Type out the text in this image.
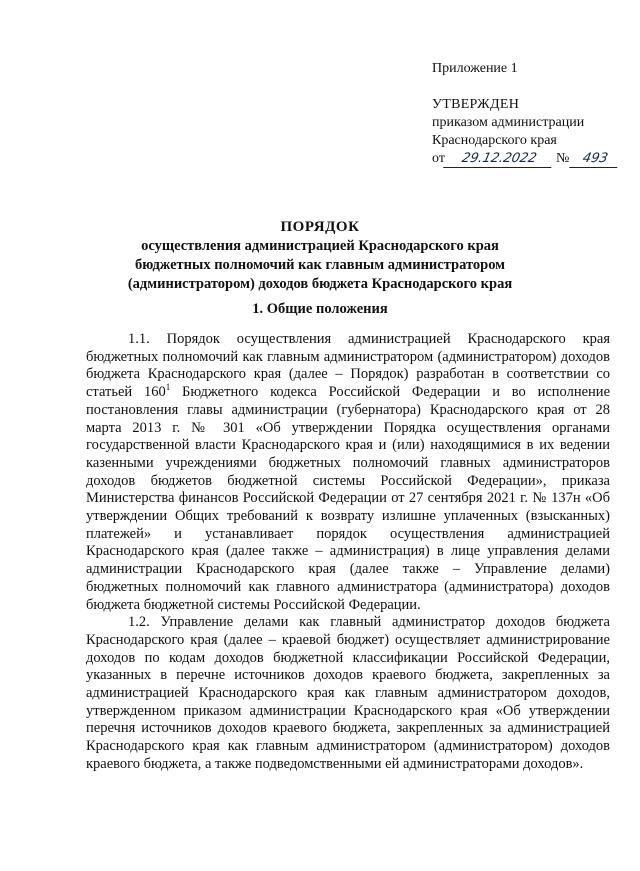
Приложение 1
УТВЕРЖДЕН
приказом администрации
Краснодарского края
от 29.12.2022 № 493
ПОРЯДОК
осуществления администрацией Краснодарского края
бюджетных полномочий как главным администратором
(администратором) доходов бюджета Краснодарского края
1. Общие положения

1.1. Порядок осуществления администрацией Краснодарского края бюджетных полномочий как главным администратором (администратором) доходов бюджета Краснодарского края (далее – Порядок) разработан в соответствии со статьей $160^1$ Бюджетного кодекса Российской Федерации и во исполнение постановления главы администрации (губернатора) Краснодарского края от 28 марта 2013 г. № 301 «Об утверждении Порядка осуществления органами государственной власти Краснодарского края и (или) находящимися в их ведении казенными учреждениями бюджетных полномочий главных администраторов доходов бюджетов бюджетной системы Российской Федерации», приказа Министерства финансов Российской Федерации от 27 сентября 2021 г. № 137н «Об утверждении Общих требований к возврату излишне уплаченных (взысканных) платежей» и устанавливает порядок осуществления администрацией Краснодарского края (далее также – администрация) в лице управления делами администрации Краснодарского края (далее также – Управление делами) бюджетных полномочий как главного администратора (администратора) доходов бюджета бюджетной системы Российской Федерации.

1.2. Управление делами как главный администратор доходов бюджета Краснодарского края (далее – краевой бюджет) осуществляет администрирование доходов по кодам доходов бюджетной классификации Российской Федерации, указанных в перечне источников доходов краевого бюджета, закрепленных за администрацией Краснодарского края как главным администратором доходов, утвержденном приказом администрации Краснодарского края «Об утверждении перечня источников доходов краевого бюджета, закрепленных за администрацией Краснодарского края как главным администратором (администратором) доходов краевого бюджета, а также подведомственными ей администраторами доходов».
